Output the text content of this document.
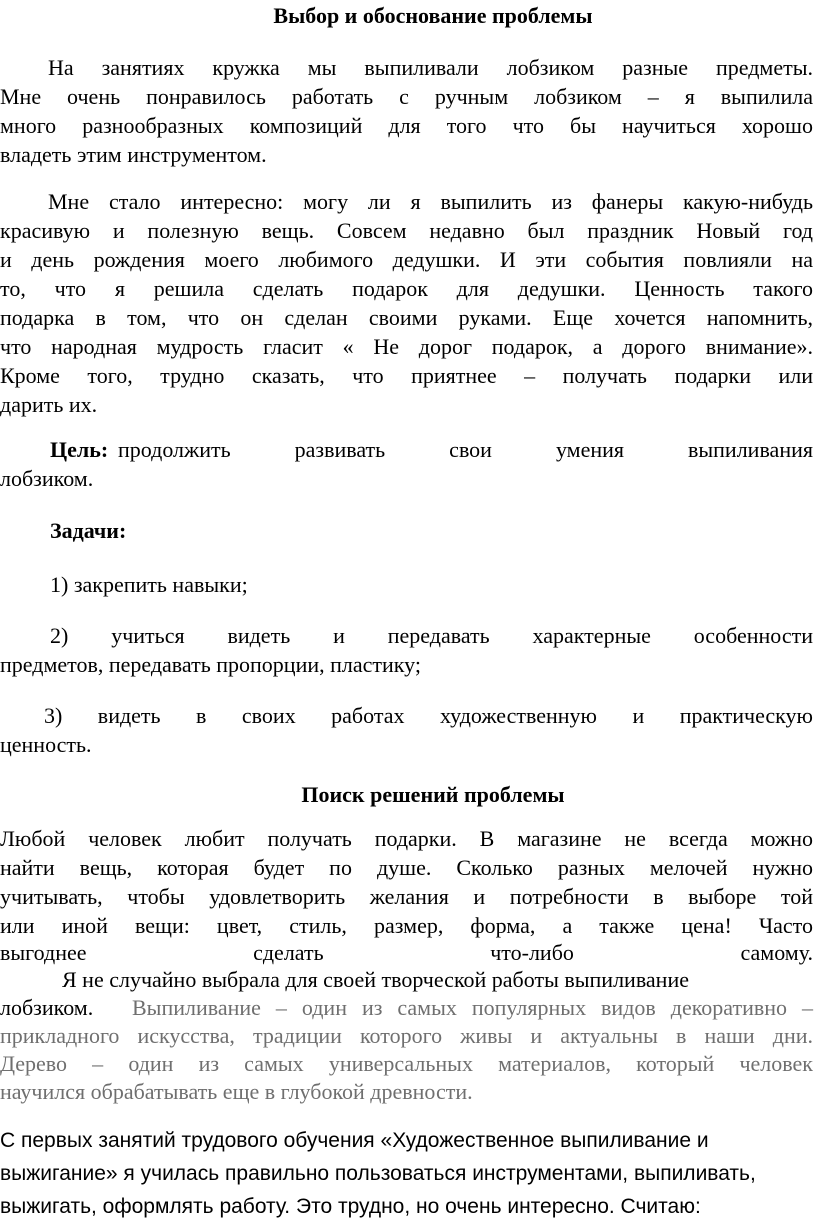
Выбор и обоснование проблемы
На занятиях кружка мы выпиливали лобзиком разные предметы.
Мне очень понравилось работать с ручным лобзиком – я выпилила
много разнообразных композиций для того что бы научиться хорошо
владеть этим инструментом.
Мне стало интересно: могу ли я выпилить из фанеры какую-нибудь
красивую и полезную вещь. Совсем недавно был праздник Новый год
и день рождения моего любимого дедушки. И эти события повлияли на
то, что я решила сделать подарок для дедушки. Ценность такого
подарка в том, что он сделан своими руками. Еще хочется напомнить,
что народная мудрость гласит « Не дорог подарок, а дорого внимание».
Кроме того, трудно сказать, что приятнее – получать подарки или
дарить их.
Цель: продолжить развивать свои умения выпиливания
лобзиком.
Задачи:
1) закрепить навыки;
2) учиться видеть и передавать характерные особенности
предметов, передавать пропорции, пластику;
3) видеть в своих работах художественную и практическую
ценность.
Поиск решений проблемы
Любой человек любит получать подарки. В магазине не всегда можно
найти вещь, которая будет по душе. Сколько разных мелочей нужно
учитывать, чтобы удовлетворить желания и потребности в выборе той
или иной вещи: цвет, стиль, размер, форма, а также цена! Часто
выгоднее сделать что-либо самому.
Я не случайно выбрала для своей творческой работы выпиливание
лобзиком. Выпиливание – один из самых популярных видов декоративно –
прикладного искусства, традиции которого живы и актуальны в наши дни.
Дерево – один из самых универсальных материалов, который человек
научился обрабатывать еще в глубокой древности.
С первых занятий трудового обучения «Художественное выпиливание и
выжигание» я училась правильно пользоваться инструментами, выпиливать,
выжигать, оформлять работу. Это трудно, но очень интересно. Считаю:
